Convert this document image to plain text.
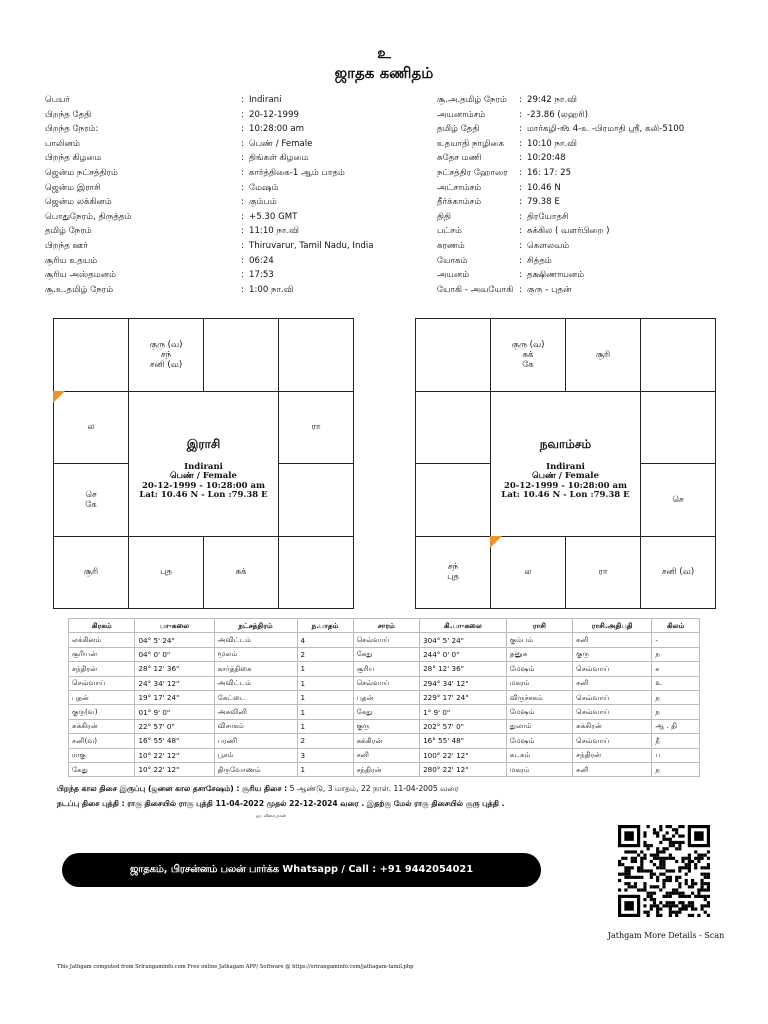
உ
ஜாதக கணிதம்
பெயர்	: Indirani
பிறந்த தேதி	: 20-12-1999
பிறந்த நேரம்:	: 10:28:00 am
பாலினம்	: பெண் / Female
பிறந்த கிழமை	: திங்கள் கிழமை
ஜென்ம நட்சத்திரம்	: கார்த்திகை-1 ஆம் பாதம்
ஜென்ம இராசி	: மேஷம்
ஜென்ம லக்கினம்	: கும்பம்
பொதுநேரம், திருத்தம்	: +5.30 GMT
தமிழ் நேரம்	: 11:10 நா.வி
பிறந்த ஊர்	: Thiruvarur, Tamil Nadu, India
சூரிய உதயம்	: 06:24
சூரிய அஸ்தமனம்	: 17:53
சூ.உ.தமிழ் நேரம்	: 1:00 நா.வி
சூ.அ.தமிழ் நேரம்	: 29:42 நா.வி
அயனாம்சம்	: -23.86 (லஹரி)
தமிழ் தேதி	: மார்கழி-௺ 4-உ -பிரமாதி ஸ்ரீ, கலி-5100
உதயாதி நாழிகை	: 10:10 நா.வி
சுதேச மணி	: 10:20:48
நட்சத்திர ஹோரை	: 16: 17: 25
அட்சாம்சம்	: 10.46 N
தீர்க்காம்சம்	: 79.38 E
திதி	: திரயோதசி
பட்சம்	: சுக்கில ( வளர்பிறை )
கரணம்	: கௌலவம்
யோகம்	: சித்தம்
அயனம்	: தக்ஷிணாயனம்
யோகி - அவயோகி : குரு - புதன்
குரு (வ)
சந்
சனி (வ)
ல	ரா
செ
கே
சூரி	புத	சுக்
இராசி
Indirani
பெண் / Female
20-12-1999 - 10:28:00 am
Lat: 10.46 N - Lon :79.38 E
குரு (வ)
சுக்
கே
சூரி
செ
சந்
புத	ல	ரா	சனி (வ)
நவாம்சம்
Indirani
பெண் / Female
20-12-1999 - 10:28:00 am
Lat: 10.46 N - Lon :79.38 E
கிரகம்	பா-கலை	நட்சத்திரம்	ந.பாதம்	சாரம்	கி.பா-கலை	ராசி	ராசி.அதிபதி	கிலம்
லக்கினம்	04° 5' 24"	அவிட்டம்	4	செவ்வாய்	304° 5' 24"	கும்பம்	சனி	-
சூரியன்	04° 0' 0"	மூலம்	2	கேது	244° 0' 0"	தனுசு	குரு	ந
சந்திரன்	28° 12' 36"	கார்த்திகை	1	சூரிய	28° 12' 36"	மேஷம்	செவ்வாய்	ச
செவ்வாய்	24° 34' 12"	அவிட்டம்	1	செவ்வாய்	294° 34' 12"	மகரம்	சனி	உ
புதன்	19° 17' 24"	கேட்டை	1	புதன்	229° 17' 24"	விருச்சகம்	செவ்வாய்	ந
குரு(வ)	01° 9' 0"	அசுவினி	1	கேது	1° 9' 0"	மேஷம்	செவ்வாய்	ந
சுக்கிரன்	22° 57' 0"	விசாகம்	1	குரு	202° 57' 0"	துலாம்	சுக்கிரன்	ஆ . தி
சனி(வ)	16° 55' 48"	பரணி	2	சுக்கிரன்	16° 55' 48"	மேஷம்	செவ்வாய்	நீ
ராகு	10° 22' 12"	பூசம்	3	சனி	100° 22' 12"	கடகம்	சந்திரன்	ப
கேது	10° 22' 12"	திருவோணம்	1	சந்திரன்	280° 22' 12"	மகரம்	சனி	ந
பிறந்த கால திசை இருப்பு (ஜனன கால தசாசேஷம்) : சூரிய திசை : 5 ஆண்டு, 3 மாதம், 22 நாள். 11-04-2005 வரை
நடப்பு திசை புத்தி : ராகு திசையில் ராகு புத்தி 11-04-2022 முதல் 22-12-2024 வரை . இதற்கு மேல் ராகு திசையில் குரு புத்தி .
ஜா. விசைப்ரகன்
ஜாதகம், பிரசன்னம் பலன் பார்க்க Whatsapp / Call : +91 9442054021
Jathgam More Details - Scan
This Jathgam computed from Srirangaminfo.com Free online Jathagam APP/ Software @ https://srirangaminfo.com/jathagam-tamil.php
